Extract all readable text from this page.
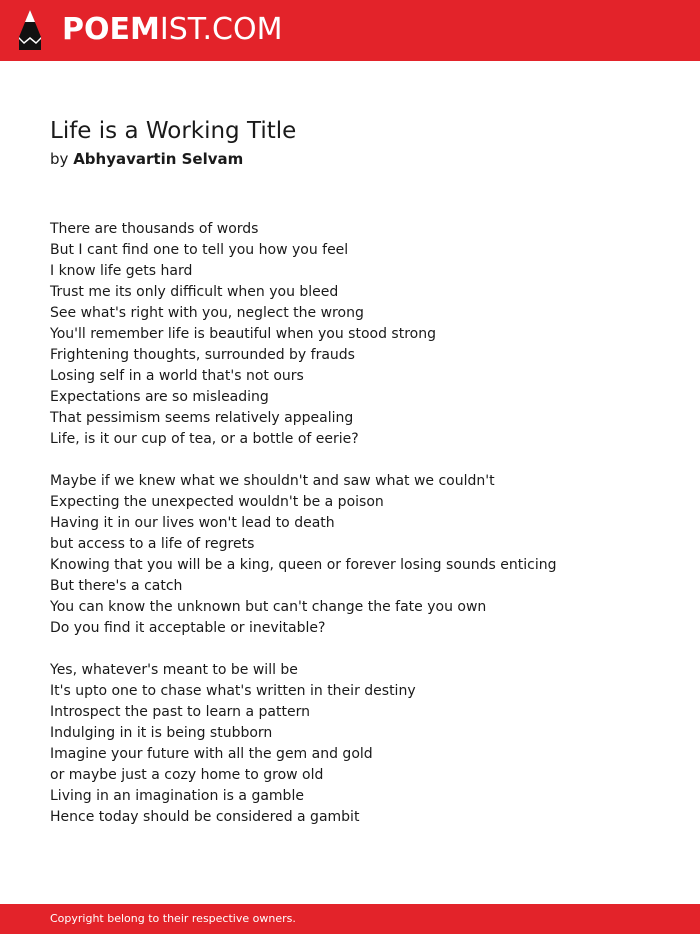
POEMIST.COM
Life is a Working Title
by Abhyavartin Selvam
There are thousands of words
But I cant find one to tell you how you feel
I know life gets hard
Trust me its only difficult when you bleed
See what's right with you, neglect the wrong
You'll remember life is beautiful when you stood strong
Frightening thoughts, surrounded by frauds
Losing self in a world that's not ours
Expectations are so misleading
That pessimism seems relatively appealing
Life, is it our cup of tea, or a bottle of eerie?
Maybe if we knew what we shouldn't and saw what we couldn't
Expecting the unexpected wouldn't be a poison
Having it in our lives won't lead to death
but access to a life of regrets
Knowing that you will be a king, queen or forever losing sounds enticing
But there's a catch
You can know the unknown but can't change the fate you own
Do you find it acceptable or inevitable?
Yes, whatever's meant to be will be
It's upto one to chase what's written in their destiny
Introspect the past to learn a pattern
Indulging in it is being stubborn
Imagine your future with all the gem and gold
or maybe just a cozy home to grow old
Living in an imagination is a gamble
Hence today should be considered a gambit
Copyright belong to their respective owners.
